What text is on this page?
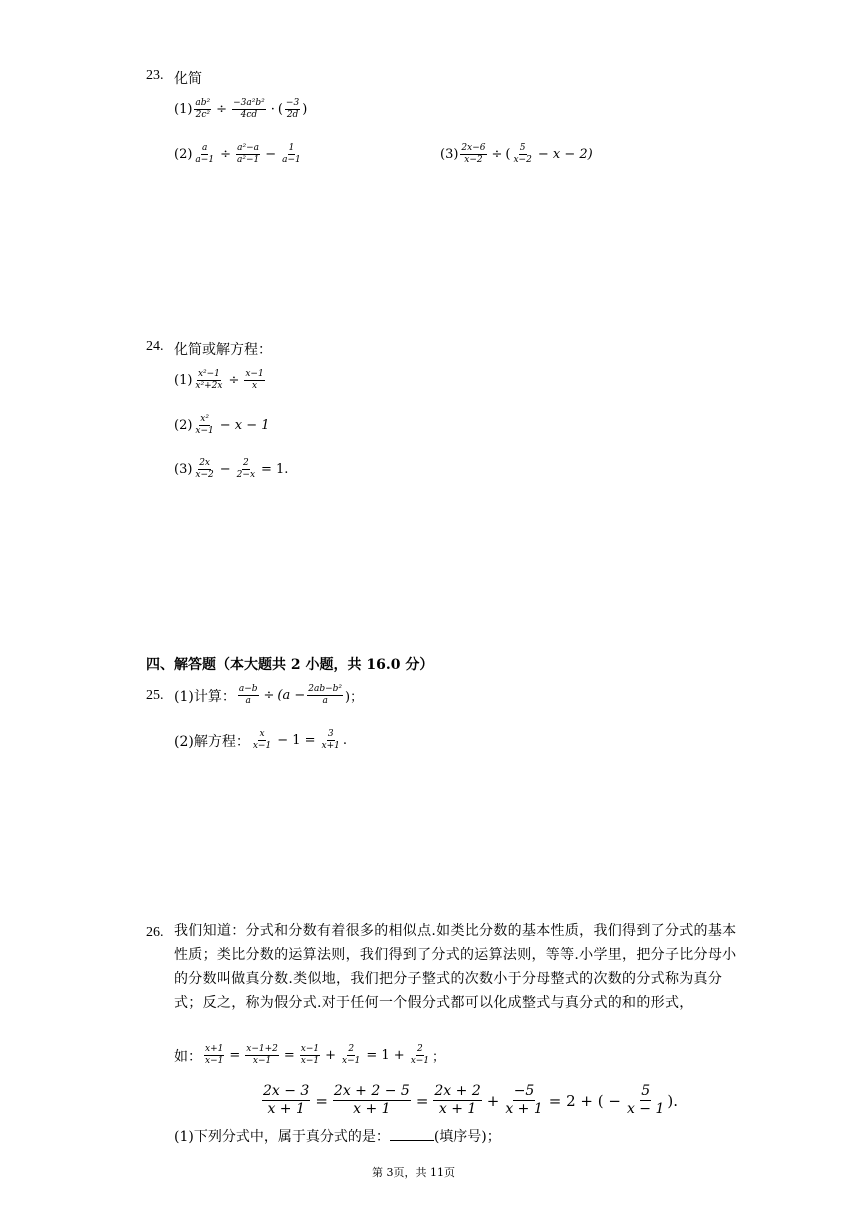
23. 化简
$(1) \frac{\text{ab²}}{\text{2c²}} \div \frac{\text{−3a²b²}}{4cd}$ · ( $\frac{-3}{2d}$ )
$(2) \frac{a}{a-1} \div \frac{\text{a²−a}}{\text{a²−1}} - \frac{1}{a-1}$	$(3) \frac{2x-6}{x-2}$ ÷ ( $\frac{5}{x-2} - x - 2$)
24. 化简或解方程：
$(1) \frac{\text{x²−1}}{\text{x²+2x}} \div \frac{x-1}{x}$
$(2) \frac{\text{x²}}{x-1} - x - 1$
$(3) \frac{2x}{x-2} - \frac{2}{2-x} = 1$.
四、解答题（本大题共 2 小题，共 16.0 分）
25. (1)计算： $\frac{a-b}{a} \div (a - \frac{\text{2ab−b²}}{a}$ )；
(2)解方程： $\frac{x}{x-1} - 1 = \frac{3}{x+1}$ .
26. 我们知道：分式和分数有着很多的相似点.如类比分数的基本性质，我们得到了分式的基本性质；类比分数的运算法则，我们得到了分式的运算法则，等等.小学里，把分子比分母小的分数叫做真分数.类似地，我们把分子整式的次数小于分母整式的次数的分式称为真分式；反之，称为假分式.对于任何一个假分式都可以化成整式与真分式的和的形式，
如： $\frac{x+1}{x-1} = \frac{x-1+2}{x-1} = \frac{x-1}{x-1} + \frac{2}{x-1} = 1 + \frac{2}{x-1}$ ；
$\frac{2x - 3}{x + 1} = \frac{2x + 2 - 5}{x + 1} = \frac{2x + 2}{x + 1} + \frac{-5}{x + 1} = 2$ + ( − $\frac{5}{x - 1}$ ).
(1)下列分式中，属于真分式的是：	(填序号)；
第 3页，共 11页
